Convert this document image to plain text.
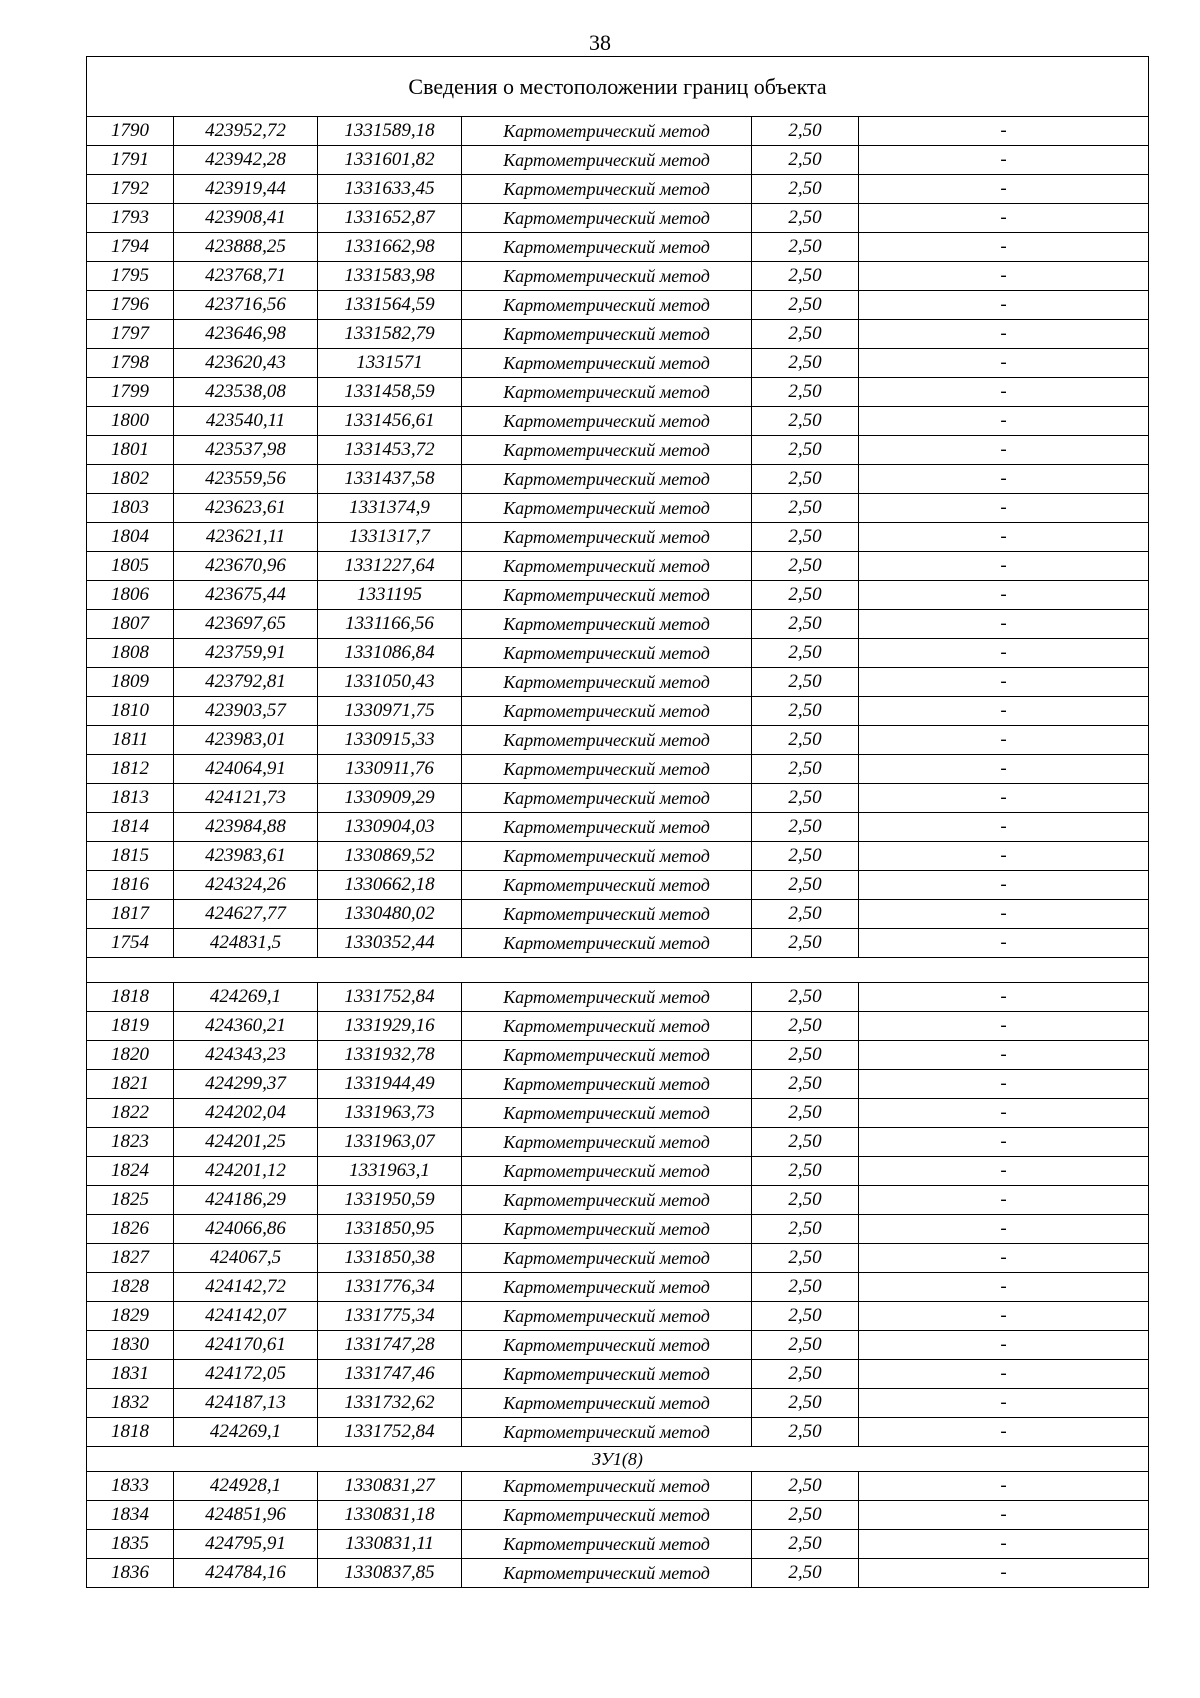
38
Сведения о местоположении границ объекта					
1790	423952,72	1331589,18	Картометрический метод	2,50	-
1791	423942,28	1331601,82	Картометрический метод	2,50	-
1792	423919,44	1331633,45	Картометрический метод	2,50	-
1793	423908,41	1331652,87	Картометрический метод	2,50	-
1794	423888,25	1331662,98	Картометрический метод	2,50	-
1795	423768,71	1331583,98	Картометрический метод	2,50	-
1796	423716,56	1331564,59	Картометрический метод	2,50	-
1797	423646,98	1331582,79	Картометрический метод	2,50	-
1798	423620,43	1331571	Картометрический метод	2,50	-
1799	423538,08	1331458,59	Картометрический метод	2,50	-
1800	423540,11	1331456,61	Картометрический метод	2,50	-
1801	423537,98	1331453,72	Картометрический метод	2,50	-
1802	423559,56	1331437,58	Картометрический метод	2,50	-
1803	423623,61	1331374,9	Картометрический метод	2,50	-
1804	423621,11	1331317,7	Картометрический метод	2,50	-
1805	423670,96	1331227,64	Картометрический метод	2,50	-
1806	423675,44	1331195	Картометрический метод	2,50	-
1807	423697,65	1331166,56	Картометрический метод	2,50	-
1808	423759,91	1331086,84	Картометрический метод	2,50	-
1809	423792,81	1331050,43	Картометрический метод	2,50	-
1810	423903,57	1330971,75	Картометрический метод	2,50	-
1811	423983,01	1330915,33	Картометрический метод	2,50	-
1812	424064,91	1330911,76	Картометрический метод	2,50	-
1813	424121,73	1330909,29	Картометрический метод	2,50	-
1814	423984,88	1330904,03	Картометрический метод	2,50	-
1815	423983,61	1330869,52	Картометрический метод	2,50	-
1816	424324,26	1330662,18	Картометрический метод	2,50	-
1817	424627,77	1330480,02	Картометрический метод	2,50	-
1754	424831,5	1330352,44	Картометрический метод	2,50	-

1818	424269,1	1331752,84	Картометрический метод	2,50	-
1819	424360,21	1331929,16	Картометрический метод	2,50	-
1820	424343,23	1331932,78	Картометрический метод	2,50	-
1821	424299,37	1331944,49	Картометрический метод	2,50	-
1822	424202,04	1331963,73	Картометрический метод	2,50	-
1823	424201,25	1331963,07	Картометрический метод	2,50	-
1824	424201,12	1331963,1	Картометрический метод	2,50	-
1825	424186,29	1331950,59	Картометрический метод	2,50	-
1826	424066,86	1331850,95	Картометрический метод	2,50	-
1827	424067,5	1331850,38	Картометрический метод	2,50	-
1828	424142,72	1331776,34	Картометрический метод	2,50	-
1829	424142,07	1331775,34	Картометрический метод	2,50	-
1830	424170,61	1331747,28	Картометрический метод	2,50	-
1831	424172,05	1331747,46	Картометрический метод	2,50	-
1832	424187,13	1331732,62	Картометрический метод	2,50	-
1818	424269,1	1331752,84	Картометрический метод	2,50	-
ЗУ1(8)					
1833	424928,1	1330831,27	Картометрический метод	2,50	-
1834	424851,96	1330831,18	Картометрический метод	2,50	-
1835	424795,91	1330831,11	Картометрический метод	2,50	-
1836	424784,16	1330837,85	Картометрический метод	2,50	-
